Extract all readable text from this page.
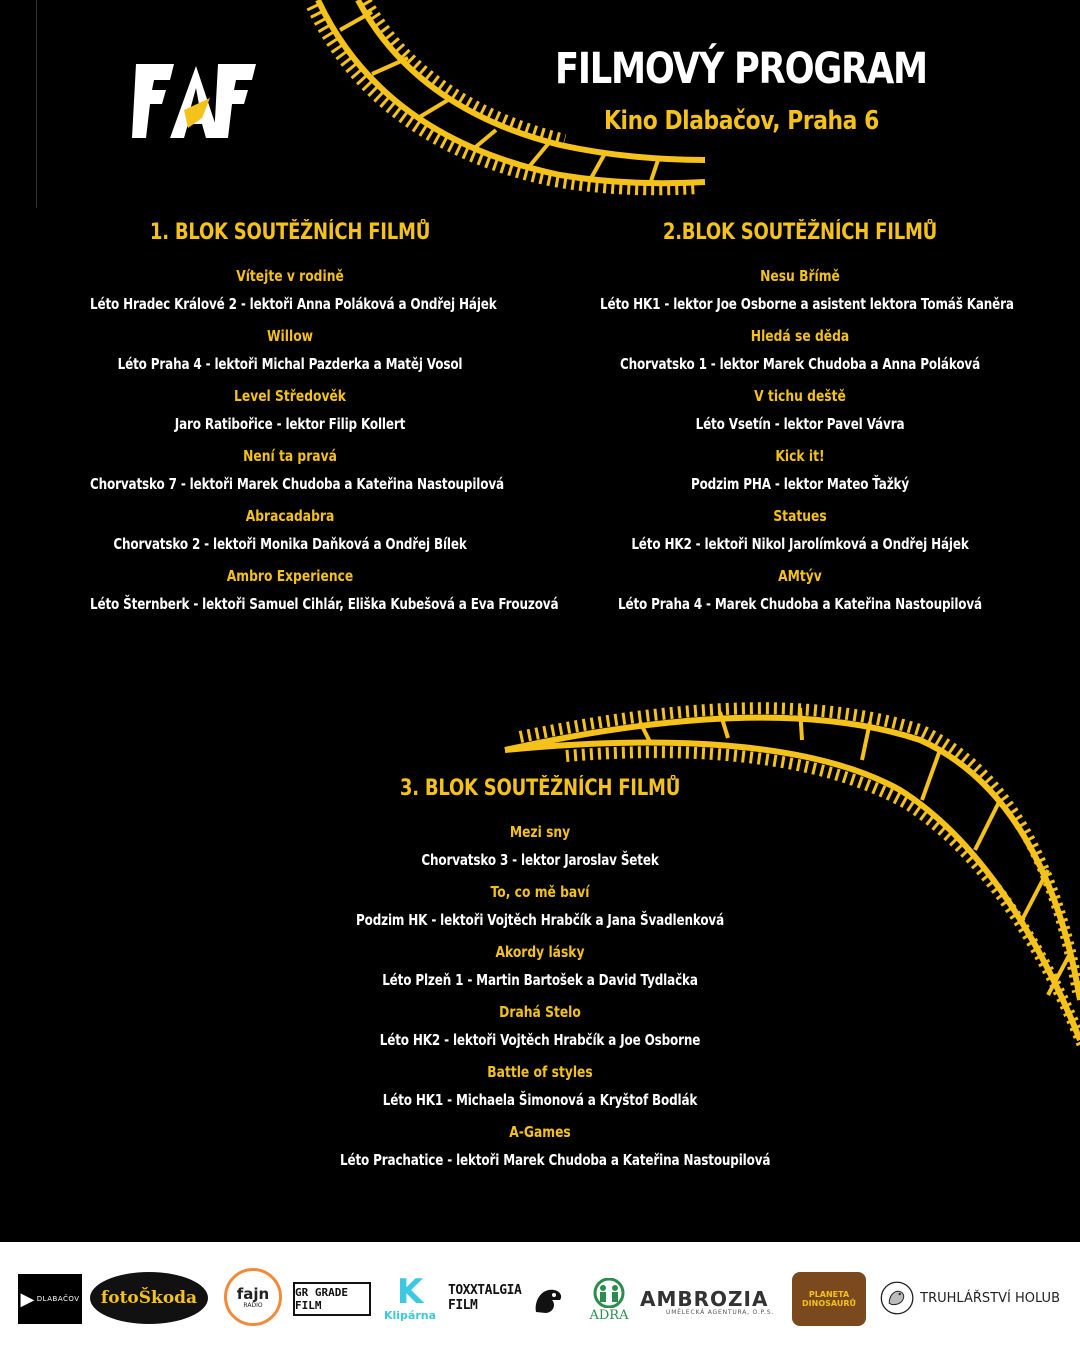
FILMOVÝ PROGRAM
Kino Dlabačov, Praha 6
1. BLOK SOUTĚŽNÍCH FILMŮ
Vítejte v rodině
Léto Hradec Králové 2 - lektoři Anna Poláková a Ondřej Hájek
Willow
Léto Praha 4 - lektoři Michal Pazderka a Matěj Vosol
Level Středověk
Jaro Ratibořice - lektor Filip Kollert
Není ta pravá
Chorvatsko 7 - lektoři Marek Chudoba a Kateřina Nastoupilová
Abracadabra
Chorvatsko 2 - lektoři Monika Daňková a Ondřej Bílek
Ambro Experience
Léto Šternberk - lektoři Samuel Cihlár, Eliška Kubešová a Eva Frouzová
2.BLOK SOUTĚŽNÍCH FILMŮ
Nesu Břímě
Léto HK1 - lektor Joe Osborne a asistent lektora Tomáš Kaněra
Hledá se děda
Chorvatsko 1 - lektor Marek Chudoba a Anna Poláková
V tichu deště
Léto Vsetín - lektor Pavel Vávra
Kick it!
Podzim PHA - lektor Mateo Ťažký
Statues
Léto HK2 - lektoři Nikol Jarolímková a Ondřej Hájek
AMtýv
Léto Praha 4 - Marek Chudoba a Kateřina Nastoupilová
3. BLOK SOUTĚŽNÍCH FILMŮ
Mezi sny
Chorvatsko 3 - lektor Jaroslav Šetek
To, co mě baví
Podzim HK - lektoři Vojtěch Hrabčík a Jana Švadlenková
Akordy lásky
Léto Plzeň 1 - Martin Bartošek a David Tydlačka
Drahá Stelo
Léto HK2 - lektoři Vojtěch Hrabčík a Joe Osborne
Battle of styles
Léto HK1 - Michaela Šimonová a Kryštof Bodlák
A-Games
Léto Prachatice - lektoři Marek Chudoba a Kateřina Nastoupilová
▶ DLABAČOV fotoŠkoda	fajn
RADIO
GR GRADE FILM	K
Klipárna
TOXXTALGIA FILM
ADRA
AMBROZIA
UMĚLECKÁ AGENTURA, O.P.S.
PLANETA DINOSAURŮ	TRUHLÁŘSTVÍ HOLUB
